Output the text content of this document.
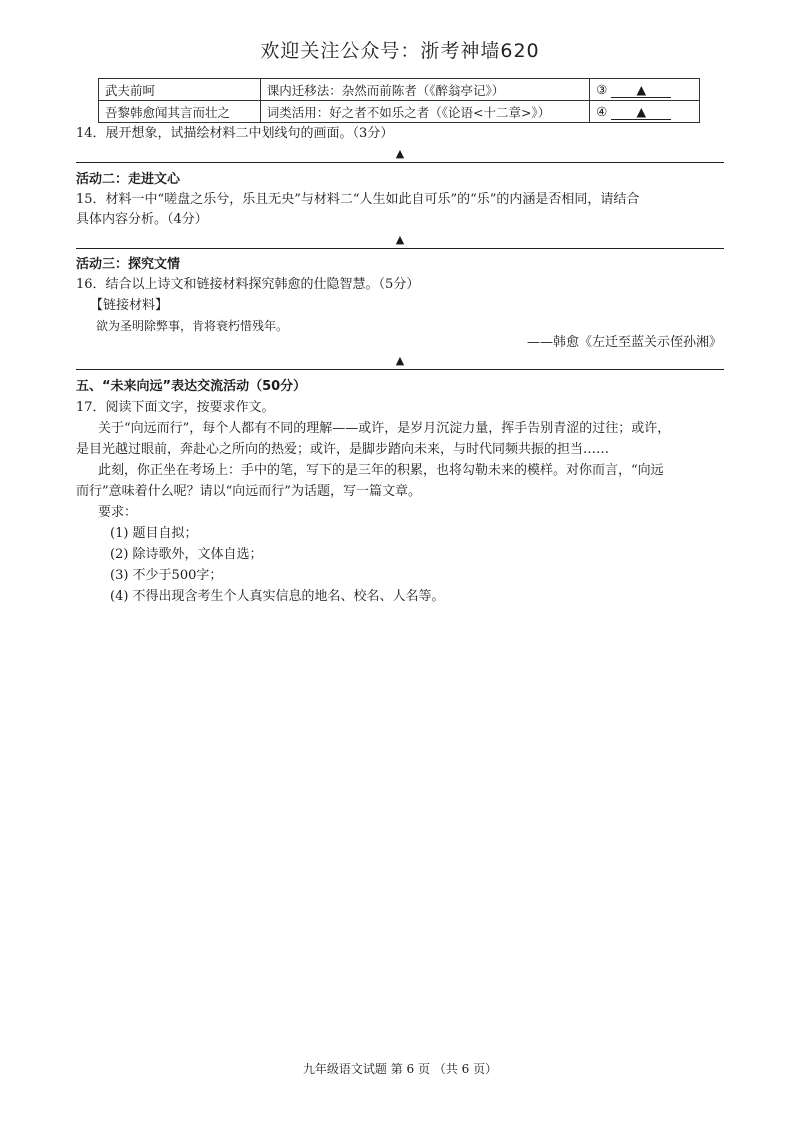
欢迎关注公众号：浙考神墙620
武夫前呵	课内迁移法：杂然而前陈者（《醉翁亭记》）	③ ▲
吾黎韩愈闻其言而壮之	词类活用：好之者不如乐之者（《论语<十二章>》）	④ ▲
14．展开想象，试描绘材料二中划线句的画面。（3分）
▲
活动二：走进文心
15．材料一中“嗟盘之乐兮，乐且无央”与材料二“人生如此自可乐”的“乐”的内涵是否相同，请结合
具体内容分析。（4分）
▲
活动三：探究文情
16．结合以上诗文和链接材料探究韩愈的仕隐智慧。（5分）
【链接材料】
欲为圣明除弊事，肯将衰朽惜残年。
——韩愈《左迁至蓝关示侄孙湘》
▲
五、“未来向远”表达交流活动（50分）
17．阅读下面文字，按要求作文。
关于“向远而行”，每个人都有不同的理解——或许，是岁月沉淀力量，挥手告别青涩的过往；或许，
是目光越过眼前，奔赴心之所向的热爱；或许，是脚步踏向未来，与时代同频共振的担当……
此刻，你正坐在考场上：手中的笔，写下的是三年的积累，也将勾勒未来的模样。对你而言，“向远
而行”意味着什么呢？请以“向远而行”为话题，写一篇文章。
要求：
(1) 题目自拟；
(2) 除诗歌外，文体自选；
(3) 不少于500字；
(4) 不得出现含考生个人真实信息的地名、校名、人名等。
九年级语文试题 第 6 页 （共 6 页）
